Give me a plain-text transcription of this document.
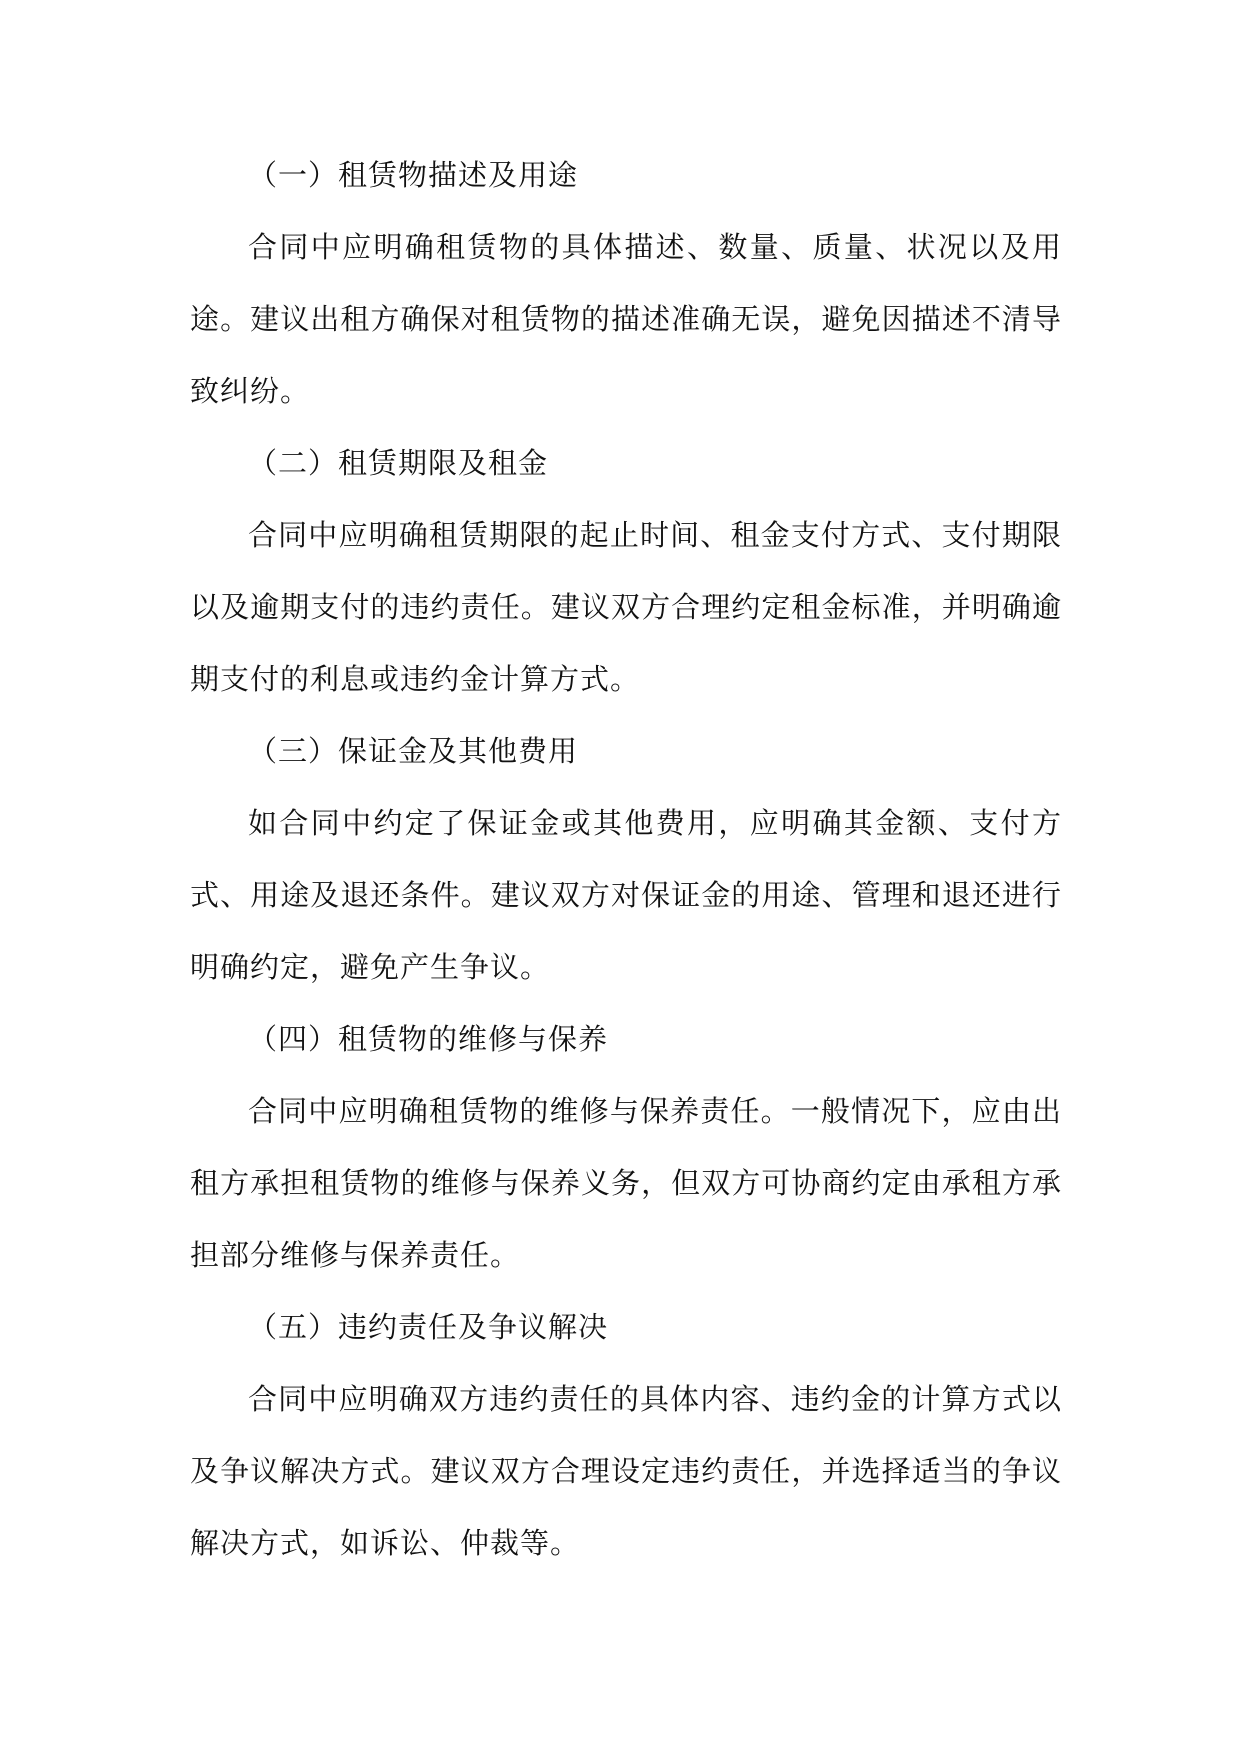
（一）租赁物描述及用途

合同中应明确租赁物的具体描述、数量、质量、状况以及用途。建议出租方确保对租赁物的描述准确无误，避免因描述不清导致纠纷。

（二）租赁期限及租金

合同中应明确租赁期限的起止时间、租金支付方式、支付期限以及逾期支付的违约责任。建议双方合理约定租金标准，并明确逾期支付的利息或违约金计算方式。

（三）保证金及其他费用

如合同中约定了保证金或其他费用，应明确其金额、支付方式、用途及退还条件。建议双方对保证金的用途、管理和退还进行明确约定，避免产生争议。

（四）租赁物的维修与保养

合同中应明确租赁物的维修与保养责任。一般情况下，应由出租方承担租赁物的维修与保养义务，但双方可协商约定由承租方承担部分维修与保养责任。

（五）违约责任及争议解决

合同中应明确双方违约责任的具体内容、违约金的计算方式以及争议解决方式。建议双方合理设定违约责任，并选择适当的争议解决方式，如诉讼、仲裁等。
